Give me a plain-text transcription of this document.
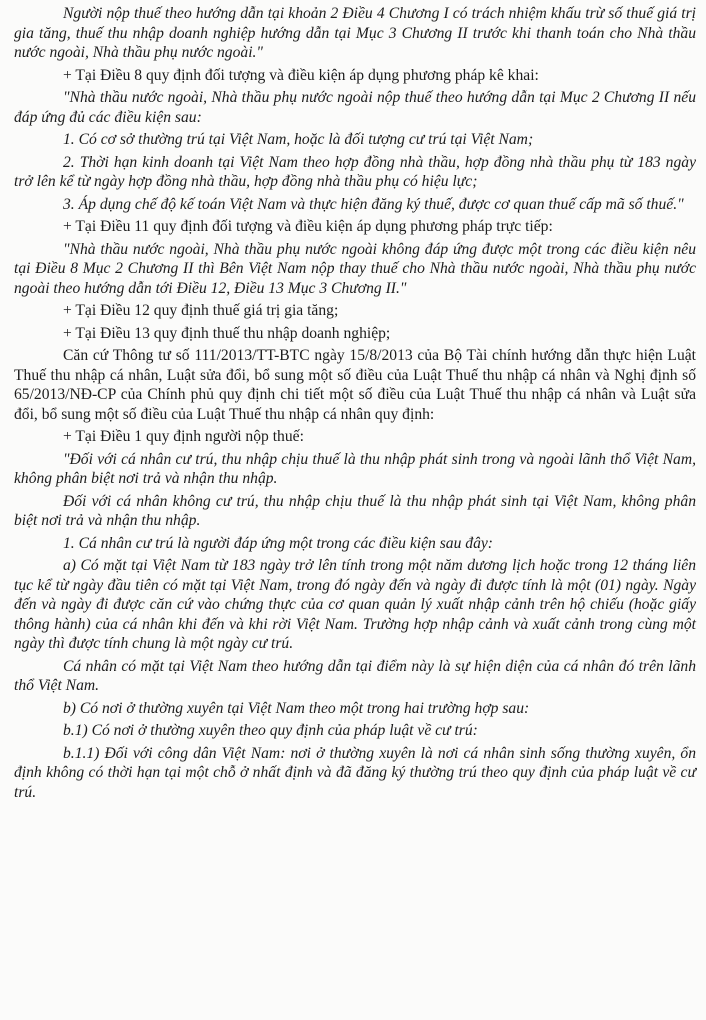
Người nộp thuế theo hướng dẫn tại khoản 2 Điều 4 Chương I có trách nhiệm khấu trừ số thuế giá trị gia tăng, thuế thu nhập doanh nghiệp hướng dẫn tại Mục 3 Chương II trước khi thanh toán cho Nhà thầu nước ngoài, Nhà thầu phụ nước ngoài."

+ Tại Điều 8 quy định đối tượng và điều kiện áp dụng phương pháp kê khai:

"Nhà thầu nước ngoài, Nhà thầu phụ nước ngoài nộp thuế theo hướng dẫn tại Mục 2 Chương II nếu đáp ứng đủ các điều kiện sau:

1. Có cơ sở thường trú tại Việt Nam, hoặc là đối tượng cư trú tại Việt Nam;

2. Thời hạn kinh doanh tại Việt Nam theo hợp đồng nhà thầu, hợp đồng nhà thầu phụ từ 183 ngày trở lên kể từ ngày hợp đồng nhà thầu, hợp đồng nhà thầu phụ có hiệu lực;

3. Áp dụng chế độ kế toán Việt Nam và thực hiện đăng ký thuế, được cơ quan thuế cấp mã số thuế."

+ Tại Điều 11 quy định đối tượng và điều kiện áp dụng phương pháp trực tiếp:

"Nhà thầu nước ngoài, Nhà thầu phụ nước ngoài không đáp ứng được một trong các điều kiện nêu tại Điều 8 Mục 2 Chương II thì Bên Việt Nam nộp thay thuế cho Nhà thầu nước ngoài, Nhà thầu phụ nước ngoài theo hướng dẫn tới Điều 12, Điều 13 Mục 3 Chương II."

+ Tại Điều 12 quy định thuế giá trị gia tăng;

+ Tại Điều 13 quy định thuế thu nhập doanh nghiệp;

Căn cứ Thông tư số 111/2013/TT-BTC ngày 15/8/2013 của Bộ Tài chính hướng dẫn thực hiện Luật Thuế thu nhập cá nhân, Luật sửa đổi, bổ sung một số điều của Luật Thuế thu nhập cá nhân và Nghị định số 65/2013/NĐ-CP của Chính phủ quy định chi tiết một số điều của Luật Thuế thu nhập cá nhân và Luật sửa đổi, bổ sung một số điều của Luật Thuế thu nhập cá nhân quy định:

+ Tại Điều 1 quy định người nộp thuế:

"Đối với cá nhân cư trú, thu nhập chịu thuế là thu nhập phát sinh trong và ngoài lãnh thổ Việt Nam, không phân biệt nơi trả và nhận thu nhập.

Đối với cá nhân không cư trú, thu nhập chịu thuế là thu nhập phát sinh tại Việt Nam, không phân biệt nơi trả và nhận thu nhập.

1. Cá nhân cư trú là người đáp ứng một trong các điều kiện sau đây:

a) Có mặt tại Việt Nam từ 183 ngày trở lên tính trong một năm dương lịch hoặc trong 12 tháng liên tục kể từ ngày đầu tiên có mặt tại Việt Nam, trong đó ngày đến và ngày đi được tính là một (01) ngày. Ngày đến và ngày đi được căn cứ vào chứng thực của cơ quan quản lý xuất nhập cảnh trên hộ chiếu (hoặc giấy thông hành) của cá nhân khi đến và khi rời Việt Nam. Trường hợp nhập cảnh và xuất cảnh trong cùng một ngày thì được tính chung là một ngày cư trú.

Cá nhân có mặt tại Việt Nam theo hướng dẫn tại điểm này là sự hiện diện của cá nhân đó trên lãnh thổ Việt Nam.

b) Có nơi ở thường xuyên tại Việt Nam theo một trong hai trường hợp sau:

b.1) Có nơi ở thường xuyên theo quy định của pháp luật về cư trú:

b.1.1) Đối với công dân Việt Nam: nơi ở thường xuyên là nơi cá nhân sinh sống thường xuyên, ổn định không có thời hạn tại một chỗ ở nhất định và đã đăng ký thường trú theo quy định của pháp luật về cư trú.
